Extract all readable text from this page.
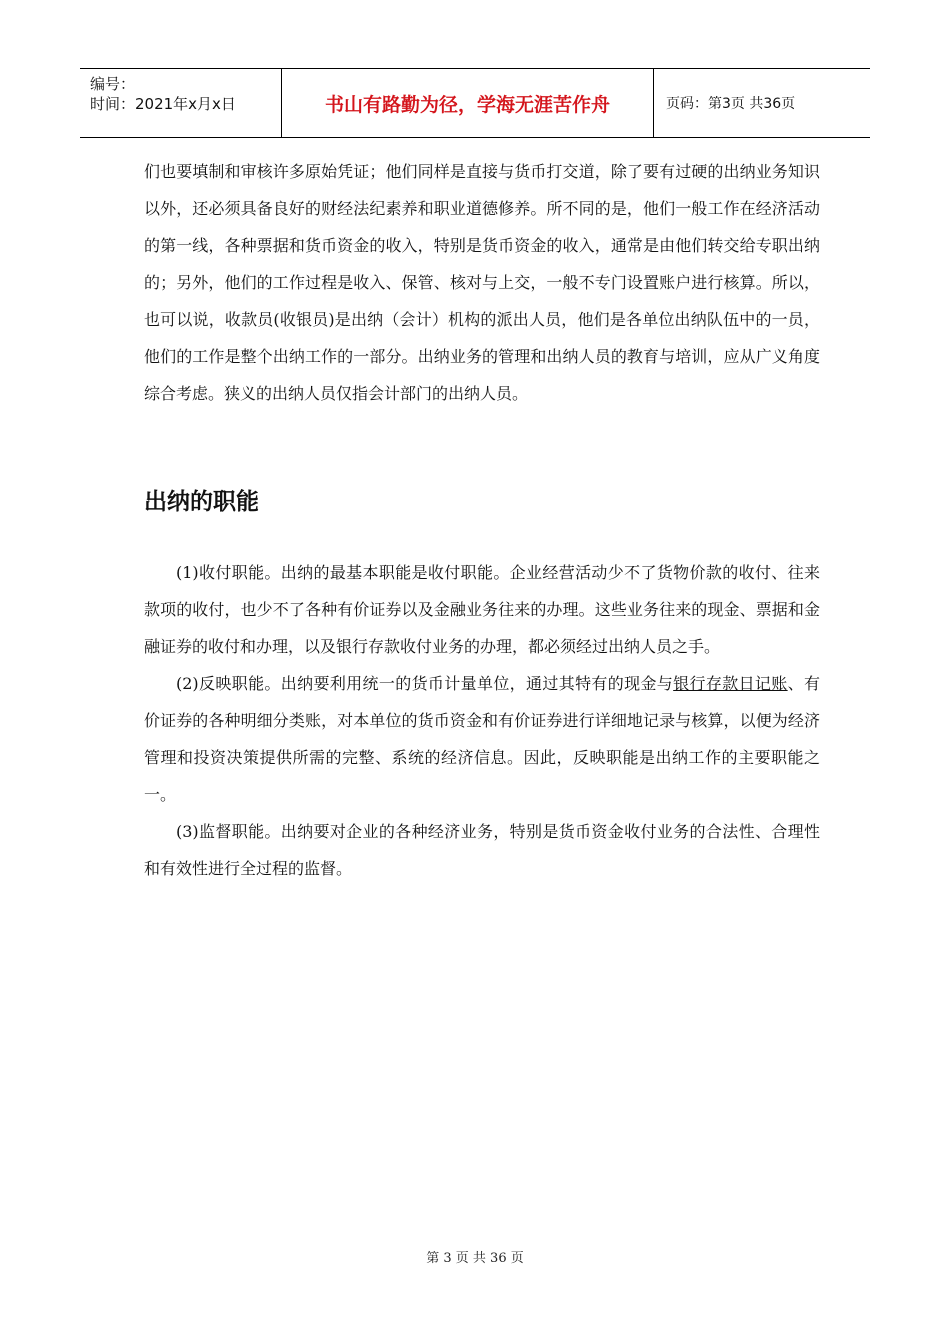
编号：
时间：2021年x月x日	书山有路勤为径，学海无涯苦作舟	页码：第3页 共36页

们也要填制和审核许多原始凭证；他们同样是直接与货币打交道，除了要有过硬的出纳业务知识以外，还必须具备良好的财经法纪素养和职业道德修养。所不同的是，他们一般工作在经济活动的第一线，各种票据和货币资金的收入，特别是货币资金的收入，通常是由他们转交给专职出纳的；另外，他们的工作过程是收入、保管、核对与上交，一般不专门设置账户进行核算。所以，也可以说，收款员(收银员)是出纳（会计）机构的派出人员，他们是各单位出纳队伍中的一员，他们的工作是整个出纳工作的一部分。出纳业务的管理和出纳人员的教育与培训，应从广义角度综合考虑。狭义的出纳人员仅指会计部门的出纳人员。

出纳的职能

(1)收付职能。出纳的最基本职能是收付职能。企业经营活动少不了货物价款的收付、往来款项的收付，也少不了各种有价证券以及金融业务往来的办理。这些业务往来的现金、票据和金融证券的收付和办理，以及银行存款收付业务的办理，都必须经过出纳人员之手。

(2)反映职能。出纳要利用统一的货币计量单位，通过其特有的现金与银行存款日记账、有价证券的各种明细分类账，对本单位的货币资金和有价证券进行详细地记录与核算，以便为经济管理和投资决策提供所需的完整、系统的经济信息。因此，反映职能是出纳工作的主要职能之一。

(3)监督职能。出纳要对企业的各种经济业务，特别是货币资金收付业务的合法性、合理性和有效性进行全过程的监督。

第 3 页 共 36 页
